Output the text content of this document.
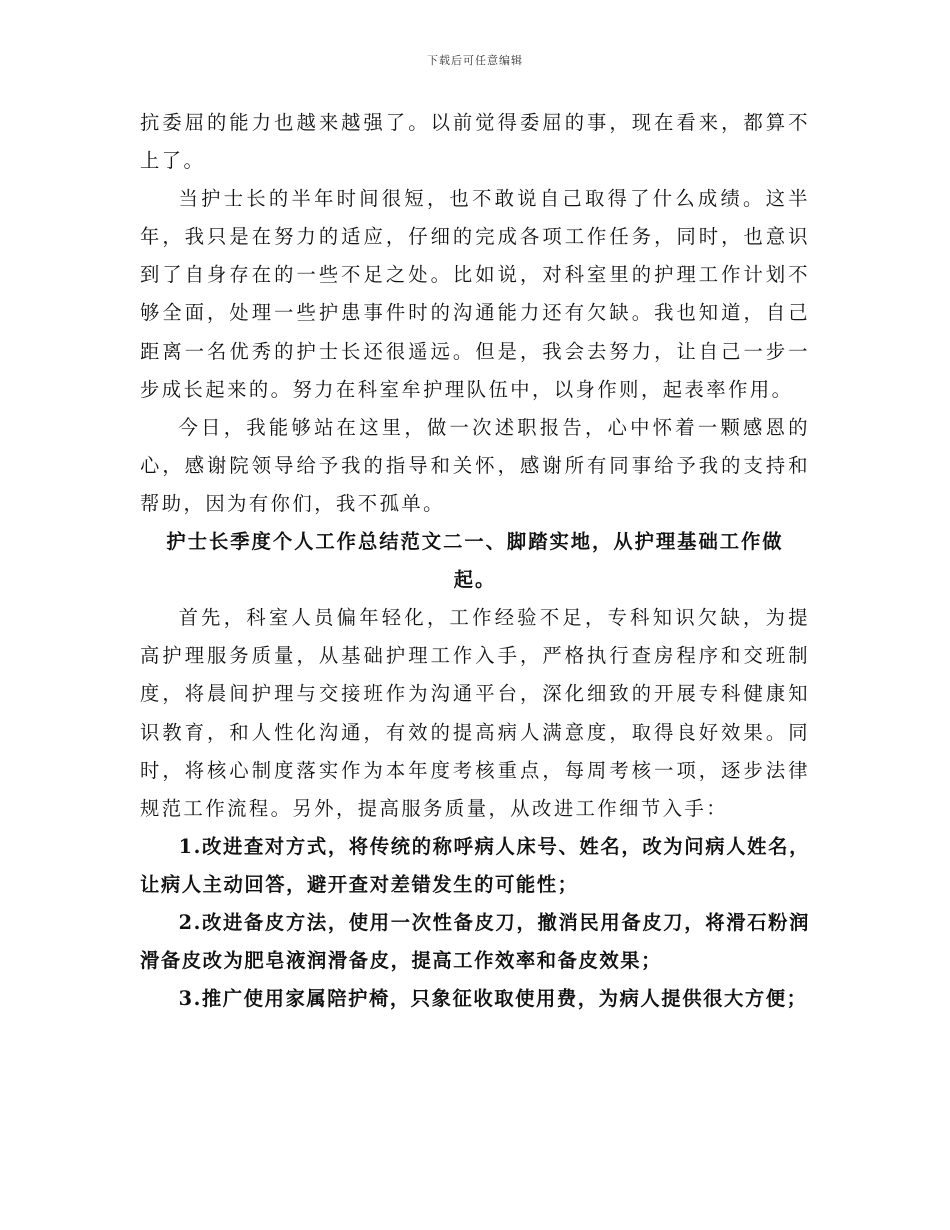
下载后可任意编辑

抗委屈的能力也越来越强了。以前觉得委屈的事，现在看来，都算不上了。

当护士长的半年时间很短，也不敢说自己取得了什么成绩。这半年，我只是在努力的适应，仔细的完成各项工作任务，同时，也意识到了自身存在的一些不足之处。比如说，对科室里的护理工作计划不够全面，处理一些护患事件时的沟通能力还有欠缺。我也知道，自己距离一名优秀的护士长还很遥远。但是，我会去努力，让自己一步一步成长起来的。努力在科室牟护理队伍中，以身作则，起表率作用。

今日，我能够站在这里，做一次述职报告，心中怀着一颗感恩的心，感谢院领导给予我的指导和关怀，感谢所有同事给予我的支持和帮助，因为有你们，我不孤单。

护士长季度个人工作总结范文二一、脚踏实地，从护理基础工作做起。

首先，科室人员偏年轻化，工作经验不足，专科知识欠缺，为提高护理服务质量，从基础护理工作入手，严格执行查房程序和交班制度，将晨间护理与交接班作为沟通平台，深化细致的开展专科健康知识教育，和人性化沟通，有效的提高病人满意度，取得良好效果。同时，将核心制度落实作为本年度考核重点，每周考核一项，逐步法律规范工作流程。另外，提高服务质量，从改进工作细节入手：

1.改进查对方式，将传统的称呼病人床号、姓名，改为问病人姓名，让病人主动回答，避开查对差错发生的可能性；

2.改进备皮方法，使用一次性备皮刀，撤消民用备皮刀，将滑石粉润滑备皮改为肥皂液润滑备皮，提高工作效率和备皮效果；

3.推广使用家属陪护椅，只象征收取使用费，为病人提供很大方便；
